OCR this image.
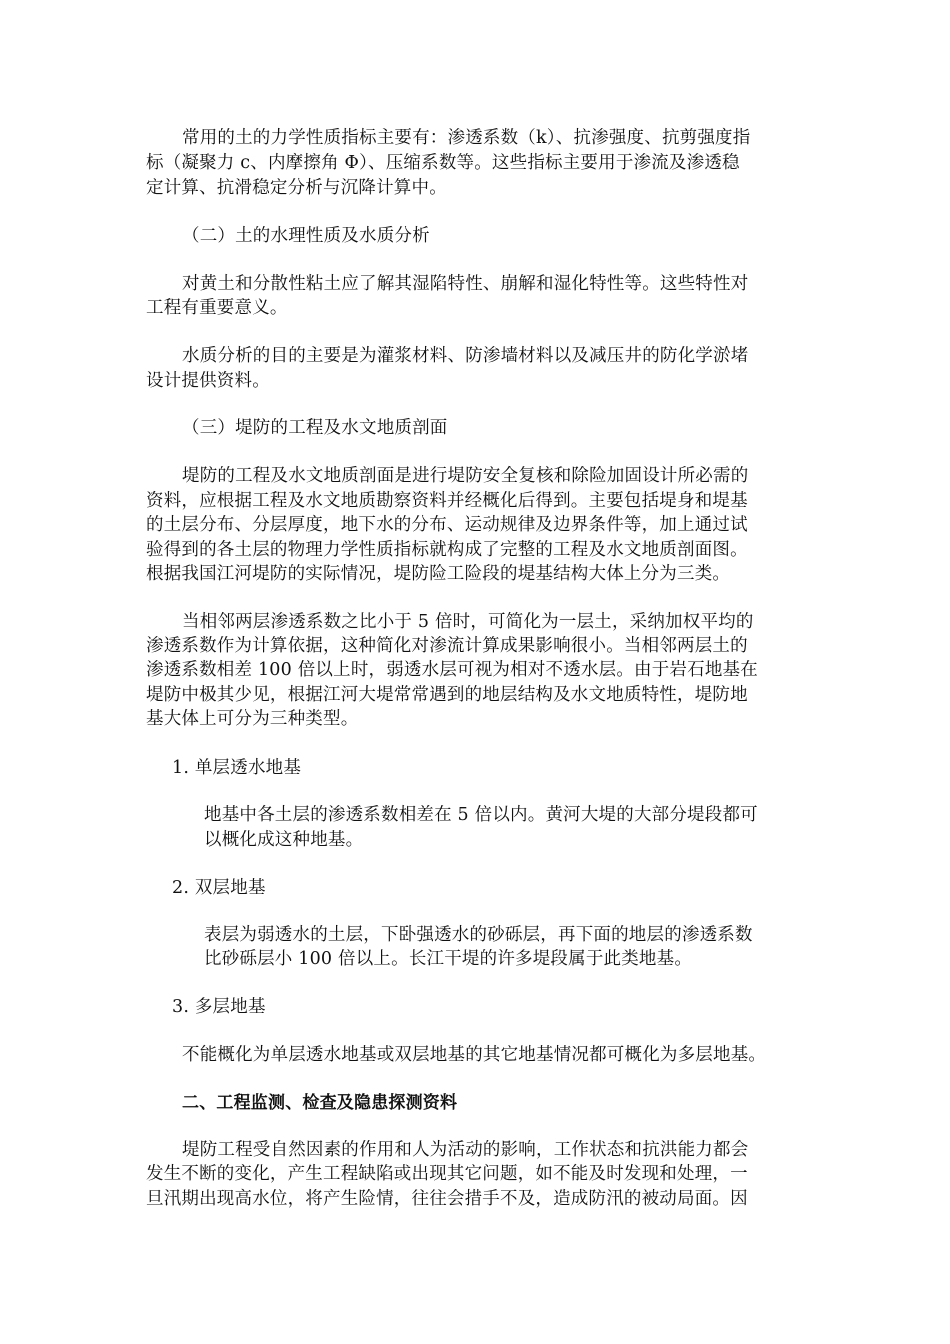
常用的土的力学性质指标主要有：渗透系数（k）、抗渗强度、抗剪强度指
标（凝聚力 c、内摩擦角 Φ）、压缩系数等。这些指标主要用于渗流及渗透稳
定计算、抗滑稳定分析与沉降计算中。
（二）土的水理性质及水质分析
对黄土和分散性粘土应了解其湿陷特性、崩解和湿化特性等。这些特性对
工程有重要意义。
水质分析的目的主要是为灌浆材料、防渗墙材料以及减压井的防化学淤堵
设计提供资料。
（三）堤防的工程及水文地质剖面
堤防的工程及水文地质剖面是进行堤防安全复核和除险加固设计所必需的
资料，应根据工程及水文地质勘察资料并经概化后得到。主要包括堤身和堤基
的土层分布、分层厚度，地下水的分布、运动规律及边界条件等，加上通过试
验得到的各土层的物理力学性质指标就构成了完整的工程及水文地质剖面图。
根据我国江河堤防的实际情况，堤防险工险段的堤基结构大体上分为三类。
当相邻两层渗透系数之比小于 5 倍时，可简化为一层土，采纳加权平均的
渗透系数作为计算依据，这种简化对渗流计算成果影响很小。当相邻两层土的
渗透系数相差 100 倍以上时，弱透水层可视为相对不透水层。由于岩石地基在
堤防中极其少见，根据江河大堤常常遇到的地层结构及水文地质特性，堤防地
基大体上可分为三种类型。
1. 单层透水地基
地基中各土层的渗透系数相差在 5 倍以内。黄河大堤的大部分堤段都可
以概化成这种地基。
2. 双层地基
表层为弱透水的土层，下卧强透水的砂砾层，再下面的地层的渗透系数
比砂砾层小 100 倍以上。长江干堤的许多堤段属于此类地基。
3. 多层地基
不能概化为单层透水地基或双层地基的其它地基情况都可概化为多层地基。
二、工程监测、检查及隐患探测资料
堤防工程受自然因素的作用和人为活动的影响，工作状态和抗洪能力都会
发生不断的变化，产生工程缺陷或出现其它问题，如不能及时发现和处理，一
旦汛期出现高水位，将产生险情，往往会措手不及，造成防汛的被动局面。因
